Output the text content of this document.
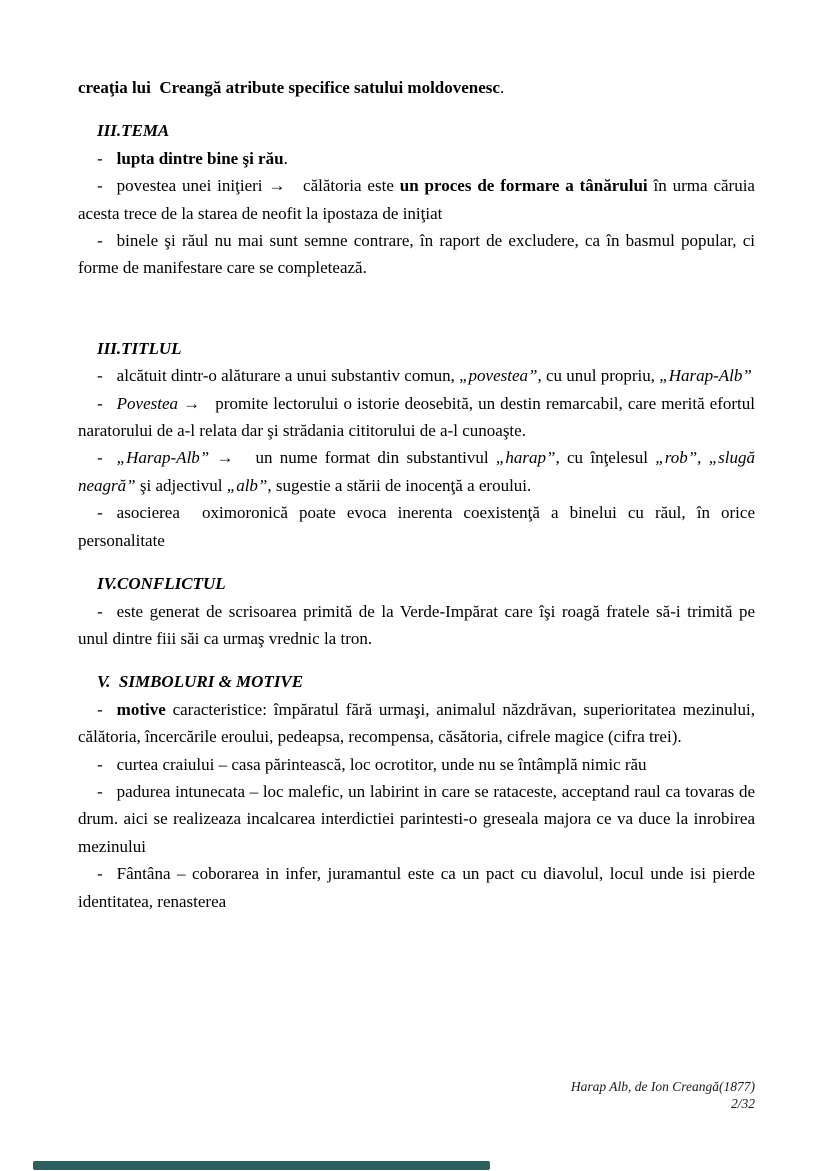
creaţia lui  Creangă atribute specifice satului moldovenesc.

III.TEMA

- lupta dintre bine şi rău.

- povestea unei iniţieri →   călătoria este un proces de formare a tânărului în urma căruia acesta trece de la starea de neofit la ipostaza de iniţiat

- binele şi răul nu mai sunt semne contrare, în raport de excludere, ca în basmul popular, ci forme de manifestare care se completează.

III.TITLUL

- alcătuit dintr-o alăturare a unui substantiv comun, „povestea”, cu unul propriu, „Harap-Alb”

- Povestea →   promite lectorului o istorie deosebită, un destin remarcabil, care merită efortul naratorului de a-l relata dar şi strădania cititorului de a-l cunoaşte.

- „Harap-Alb” →   un nume format din substantivul „harap”, cu înţelesul „rob”, „slugă neagră” şi adjectivul „alb”, sugestie a stării de inocenţă a eroului.

- asocierea  oximoronică poate evoca inerenta coexistenţă a binelui cu răul, în orice personalitate

IV.CONFLICTUL

- este generat de scrisoarea primită de la Verde-Impărat care îşi roagă fratele să-i trimită pe unul dintre fiii săi ca urmaş vrednic la tron.

V.  SIMBOLURI & MOTIVE

- motive caracteristice: împăratul fără urmaşi, animalul năzdrăvan, superioritatea mezinului, călătoria, încercările eroului, pedeapsa, recompensa, căsătoria, cifrele magice (cifra trei).

- curtea craiului – casa părintească, loc ocrotitor, unde nu se întâmplă nimic rău

- padurea intunecata – loc malefic, un labirint in care se rataceste, acceptand raul ca tovaras de drum. aici se realizeaza incalcarea interdictiei parintesti-o greseala majora ce va duce la inrobirea mezinului

- Fântâna – coborarea in infer, juramantul este ca un pact cu diavolul, locul unde isi pierde identitatea, renasterea

Harap Alb, de Ion Creangă(1877)
2/32
